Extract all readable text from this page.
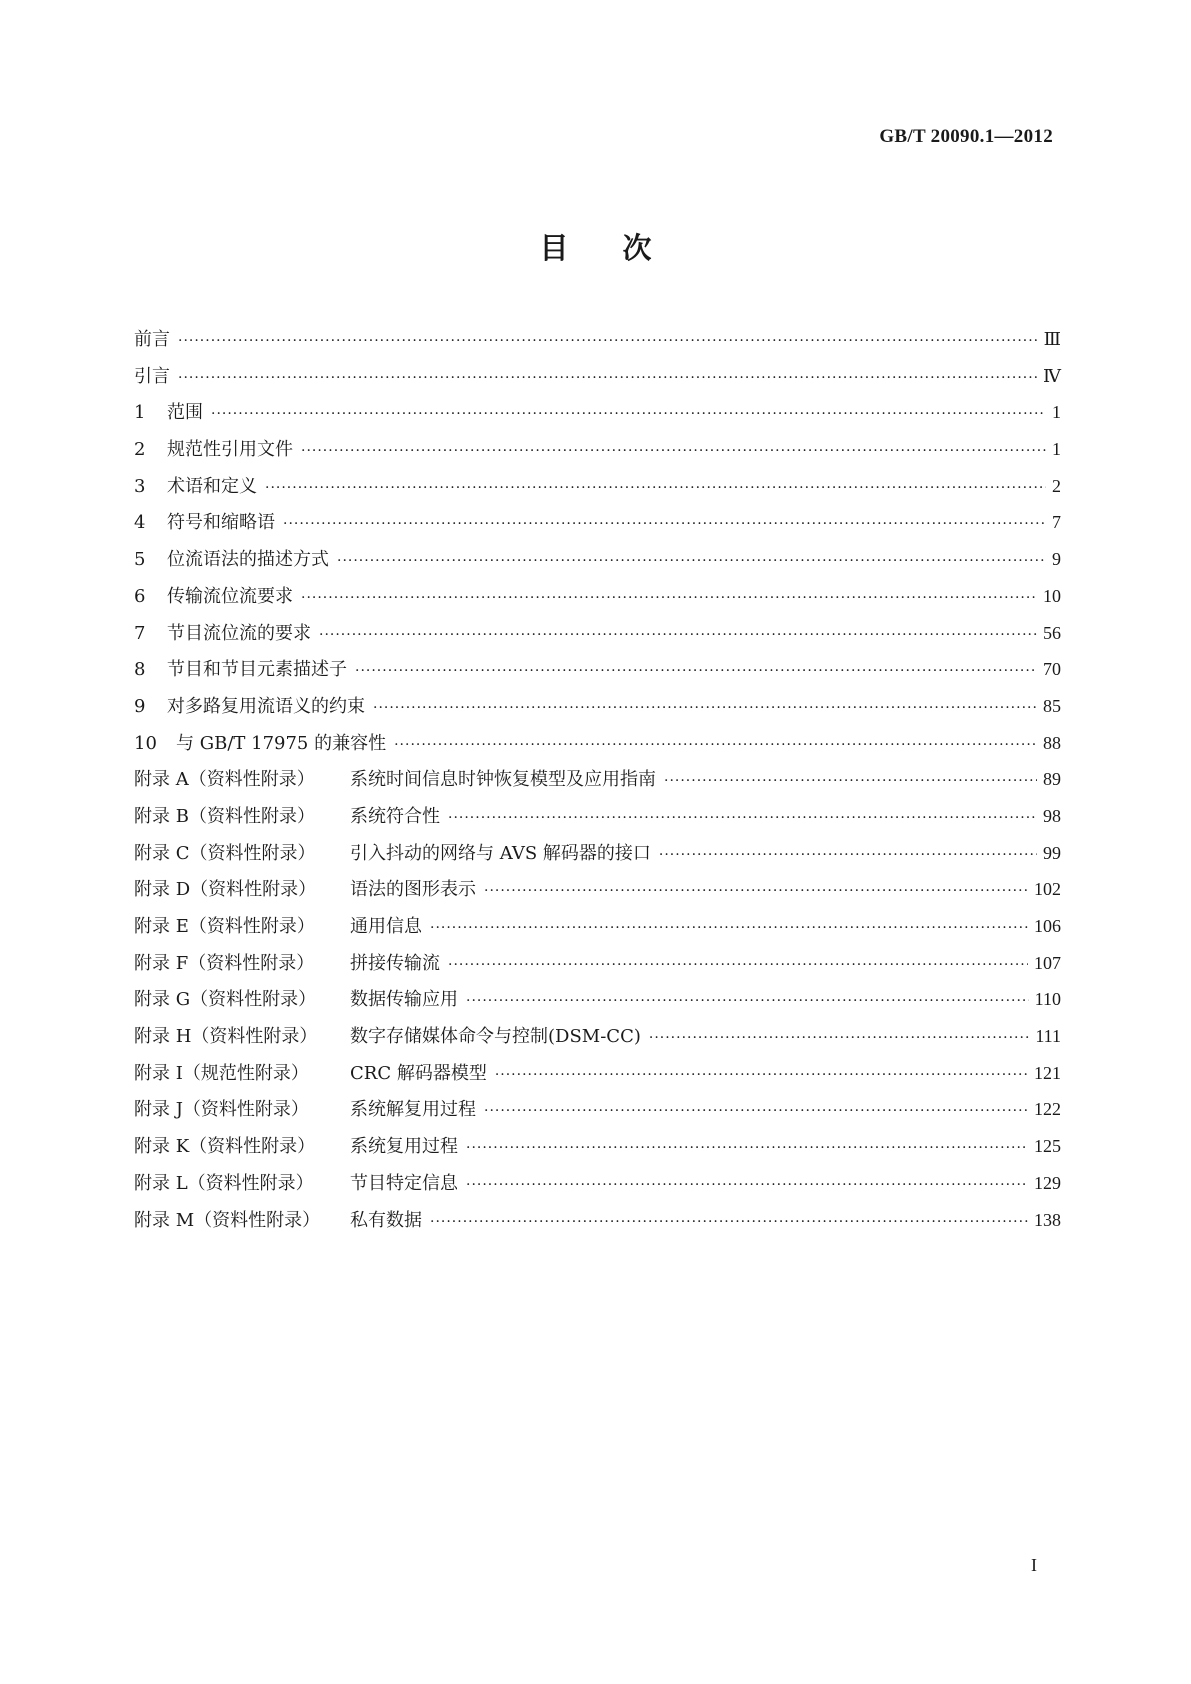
GB/T 20090.1—2012
目 次
前言 ·····	Ⅲ
引言 ·····	Ⅳ
1 范围 ·····	1
2 规范性引用文件 ·····	1
3 术语和定义 ·····	2
4 符号和缩略语 ·····	7
5 位流语法的描述方式 ·····	9
6 传输流位流要求 ·····	10
7 节目流位流的要求 ·····	56
8 节目和节目元素描述子 ·····	70
9 对多路复用流语义的约束 ·····	85
10 与 GB/T 17975 的兼容性 ·····	88
附录 A（资料性附录） 系统时间信息时钟恢复模型及应用指南 ·····	89
附录 B（资料性附录） 系统符合性 ·····	98
附录 C（资料性附录） 引入抖动的网络与 AVS 解码器的接口 ·····	99
附录 D（资料性附录） 语法的图形表示 ·····	102
附录 E（资料性附录） 通用信息 ·····	106
附录 F（资料性附录） 拼接传输流 ·····	107
附录 G（资料性附录） 数据传输应用 ·····	110
附录 H（资料性附录） 数字存储媒体命令与控制(DSM-CC) ·····	111
附录 I（规范性附录） CRC 解码器模型 ·····	121
附录 J（资料性附录） 系统解复用过程 ·····	122
附录 K（资料性附录） 系统复用过程 ·····	125
附录 L（资料性附录） 节目特定信息 ·····	129
附录 M（资料性附录） 私有数据 ·····	138
I
